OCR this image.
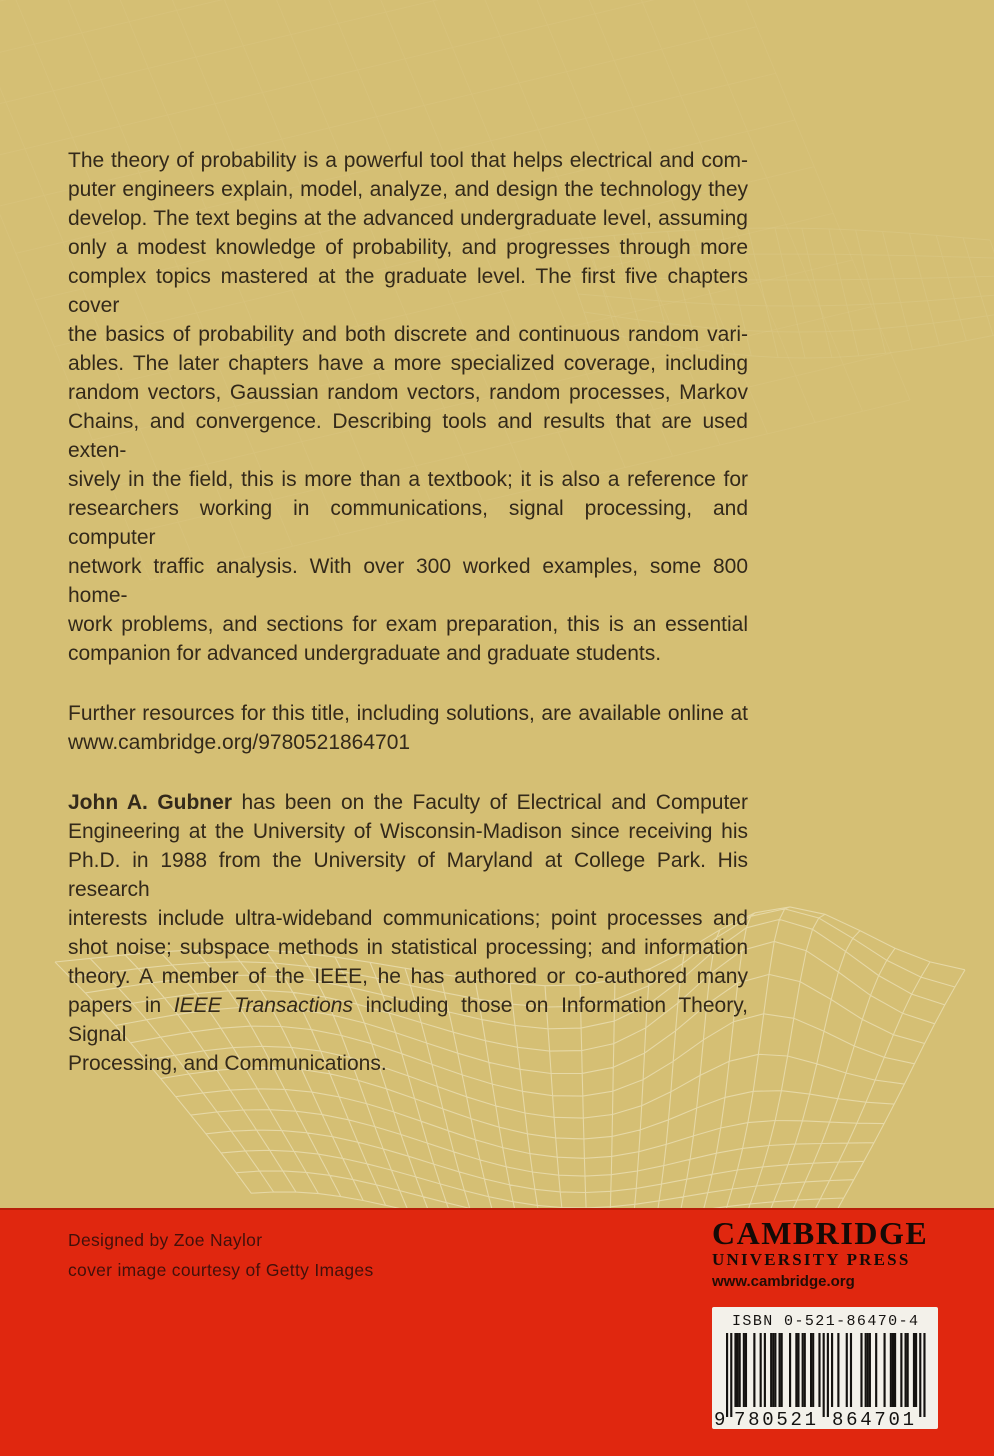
The theory of probability is a powerful tool that helps electrical and com-
puter engineers explain, model, analyze, and design the technology they
develop. The text begins at the advanced undergraduate level, assuming
only a modest knowledge of probability, and progresses through more
complex topics mastered at the graduate level. The first five chapters cover
the basics of probability and both discrete and continuous random vari-
ables. The later chapters have a more specialized coverage, including
random vectors, Gaussian random vectors, random processes, Markov
Chains, and convergence. Describing tools and results that are used exten-
sively in the field, this is more than a textbook; it is also a reference for
researchers working in communications, signal processing, and computer
network traffic analysis. With over 300 worked examples, some 800 home-
work problems, and sections for exam preparation, this is an essential
companion for advanced undergraduate and graduate students.
Further resources for this title, including solutions, are available online at
www.cambridge.org/9780521864701
John A. Gubner has been on the Faculty of Electrical and Computer
Engineering at the University of Wisconsin-Madison since receiving his
Ph.D. in 1988 from the University of Maryland at College Park. His research
interests include ultra-wideband communications; point processes and
shot noise; subspace methods in statistical processing; and information
theory. A member of the IEEE, he has authored or co-authored many
papers in IEEE Transactions including those on Information Theory, Signal
Processing, and Communications.
Designed by Zoe Naylor
cover image courtesy of Getty Images
CAMBRIDGE
UNIVERSITY PRESS
www.cambridge.org
ISBN 0-521-86470-4
9 780521 864701
